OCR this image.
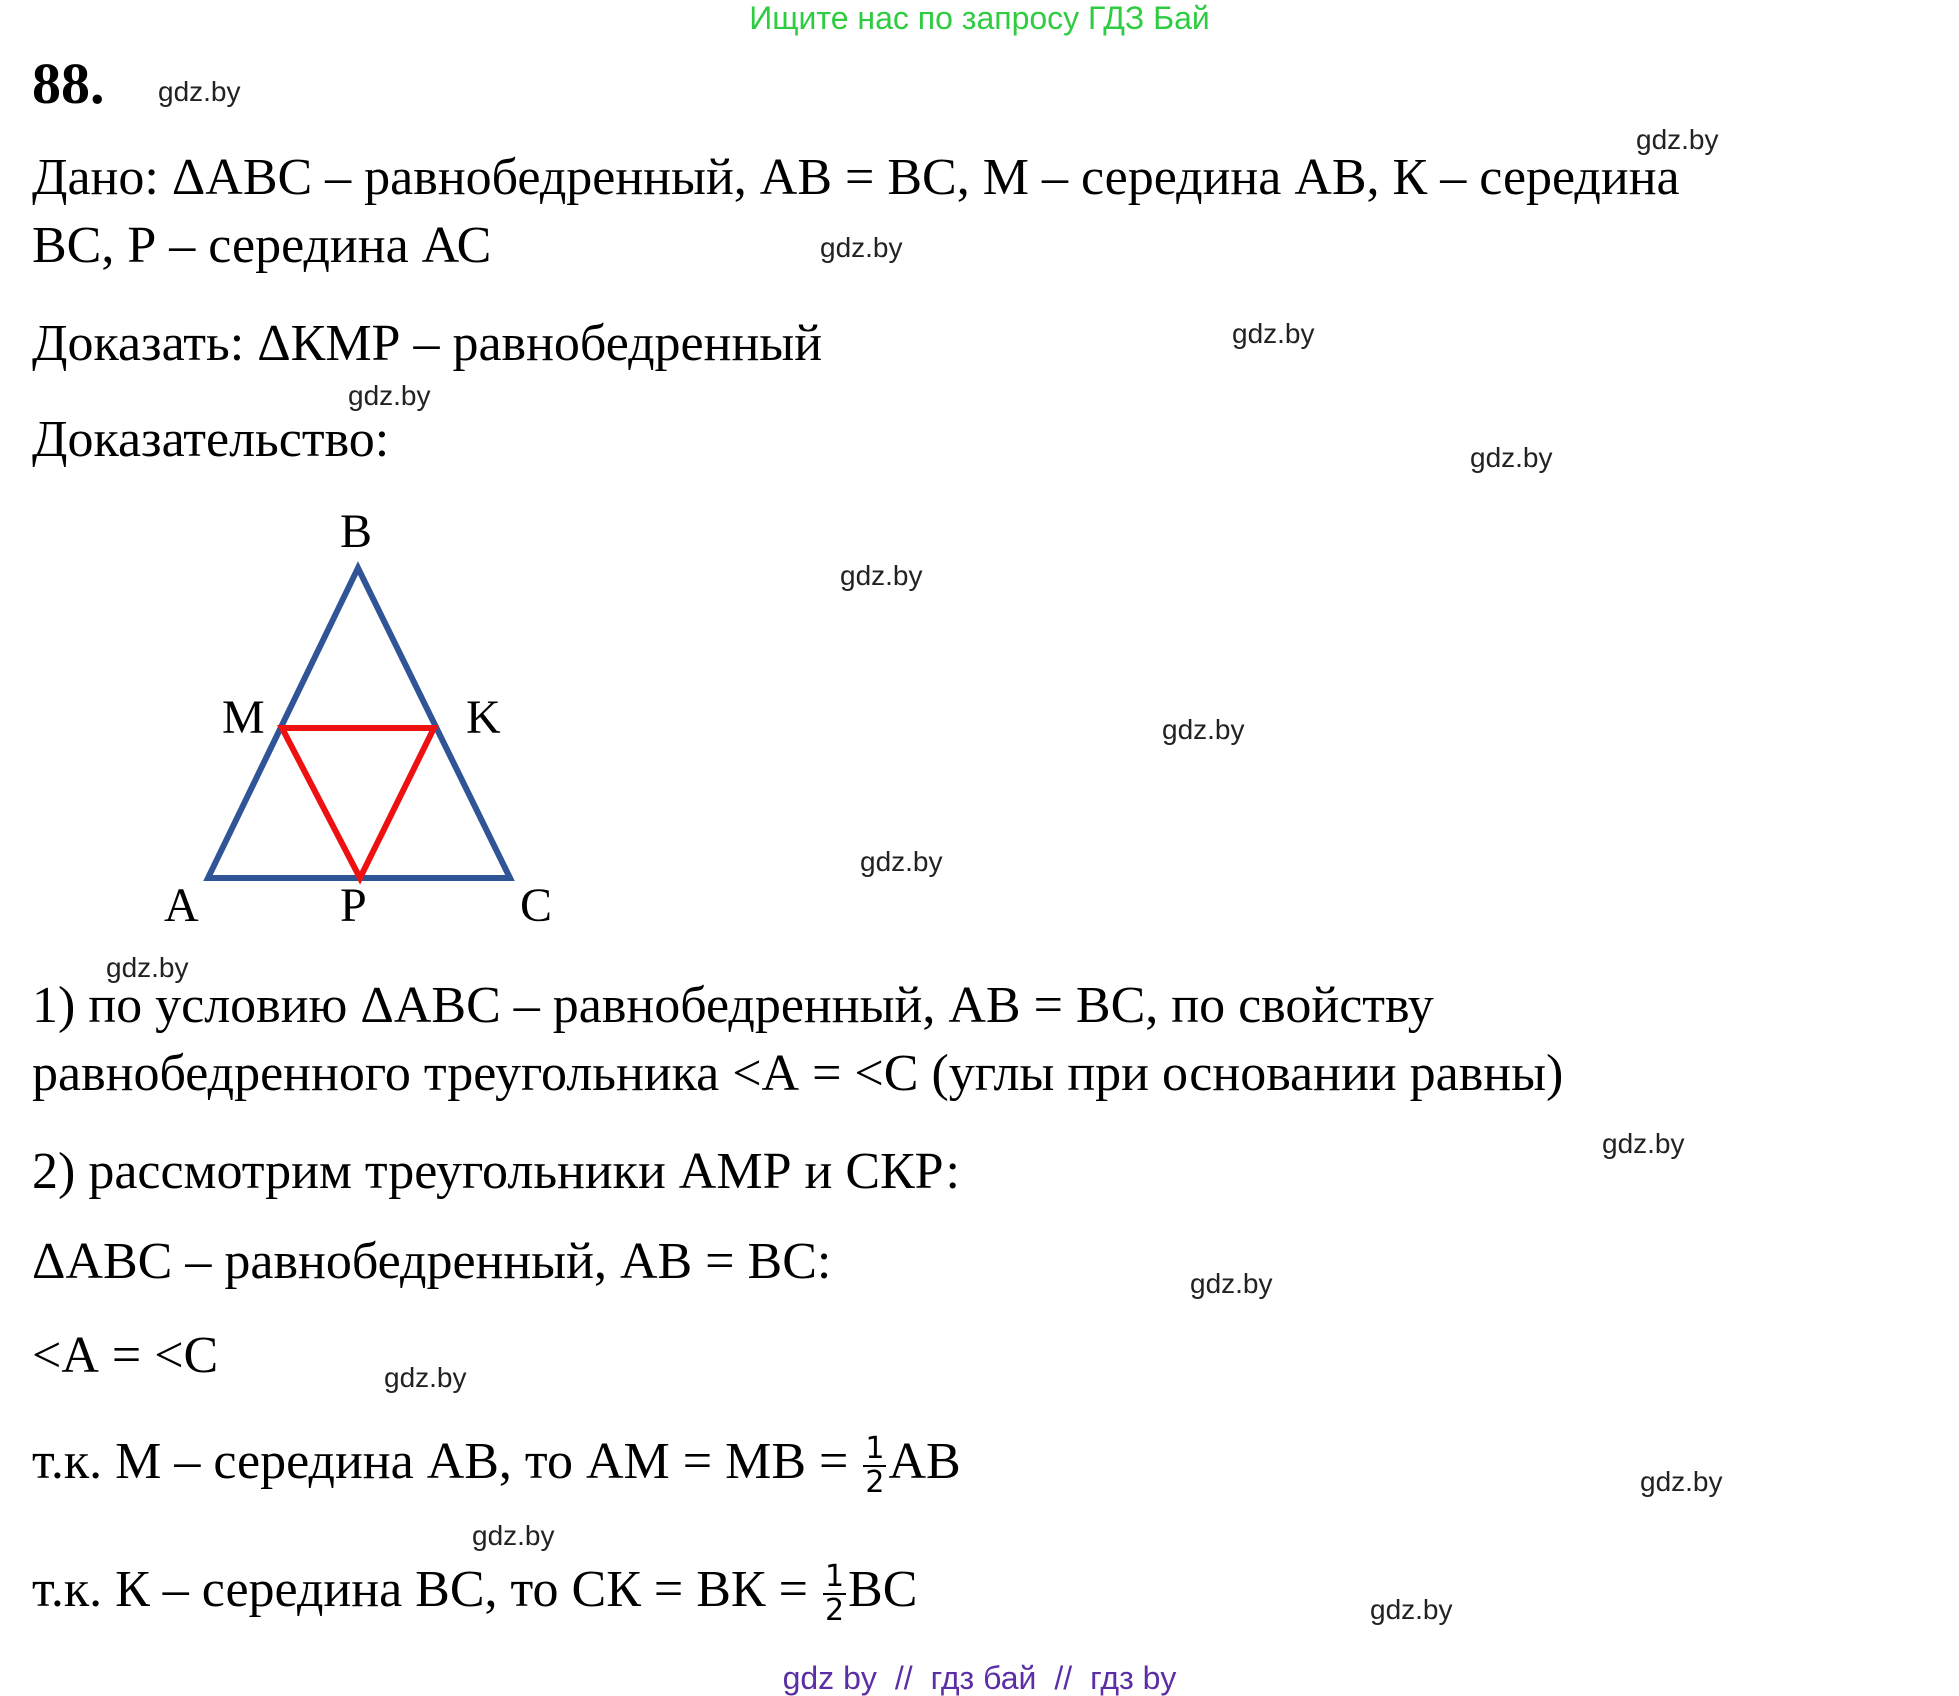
Ищите нас по запросу ГДЗ Бай
88. gdz.by
gdz.by
gdz.by
gdz.by
gdz.by
gdz.by
gdz.by
gdz.by
gdz.by
gdz.by
gdz.by
gdz.by
gdz.by
gdz.by
gdz.by
gdz.by
Дано: ΔАВС – равнобедренный, АВ = ВС, М – середина АВ, К – середина
ВС, Р – середина АС
Доказать: ΔКМР – равнобедренный
Доказательство:
B
M	K
A	P	C
1) по условию ΔАВС – равнобедренный, АВ = ВС, по свойству
равнобедренного треугольника <А = <С (углы при основании равны)
2) рассмотрим треугольники АМР и СКР:
ΔАВС – равнобедренный, АВ = ВС:
<А = <С
т.к. М – середина АВ, то АМ = МВ = $\frac{1}{2}$ АВ
т.к. К – середина ВС, то СК = ВК = $\frac{1}{2}$ ВС
gdz by // гдз бай // гдз by
